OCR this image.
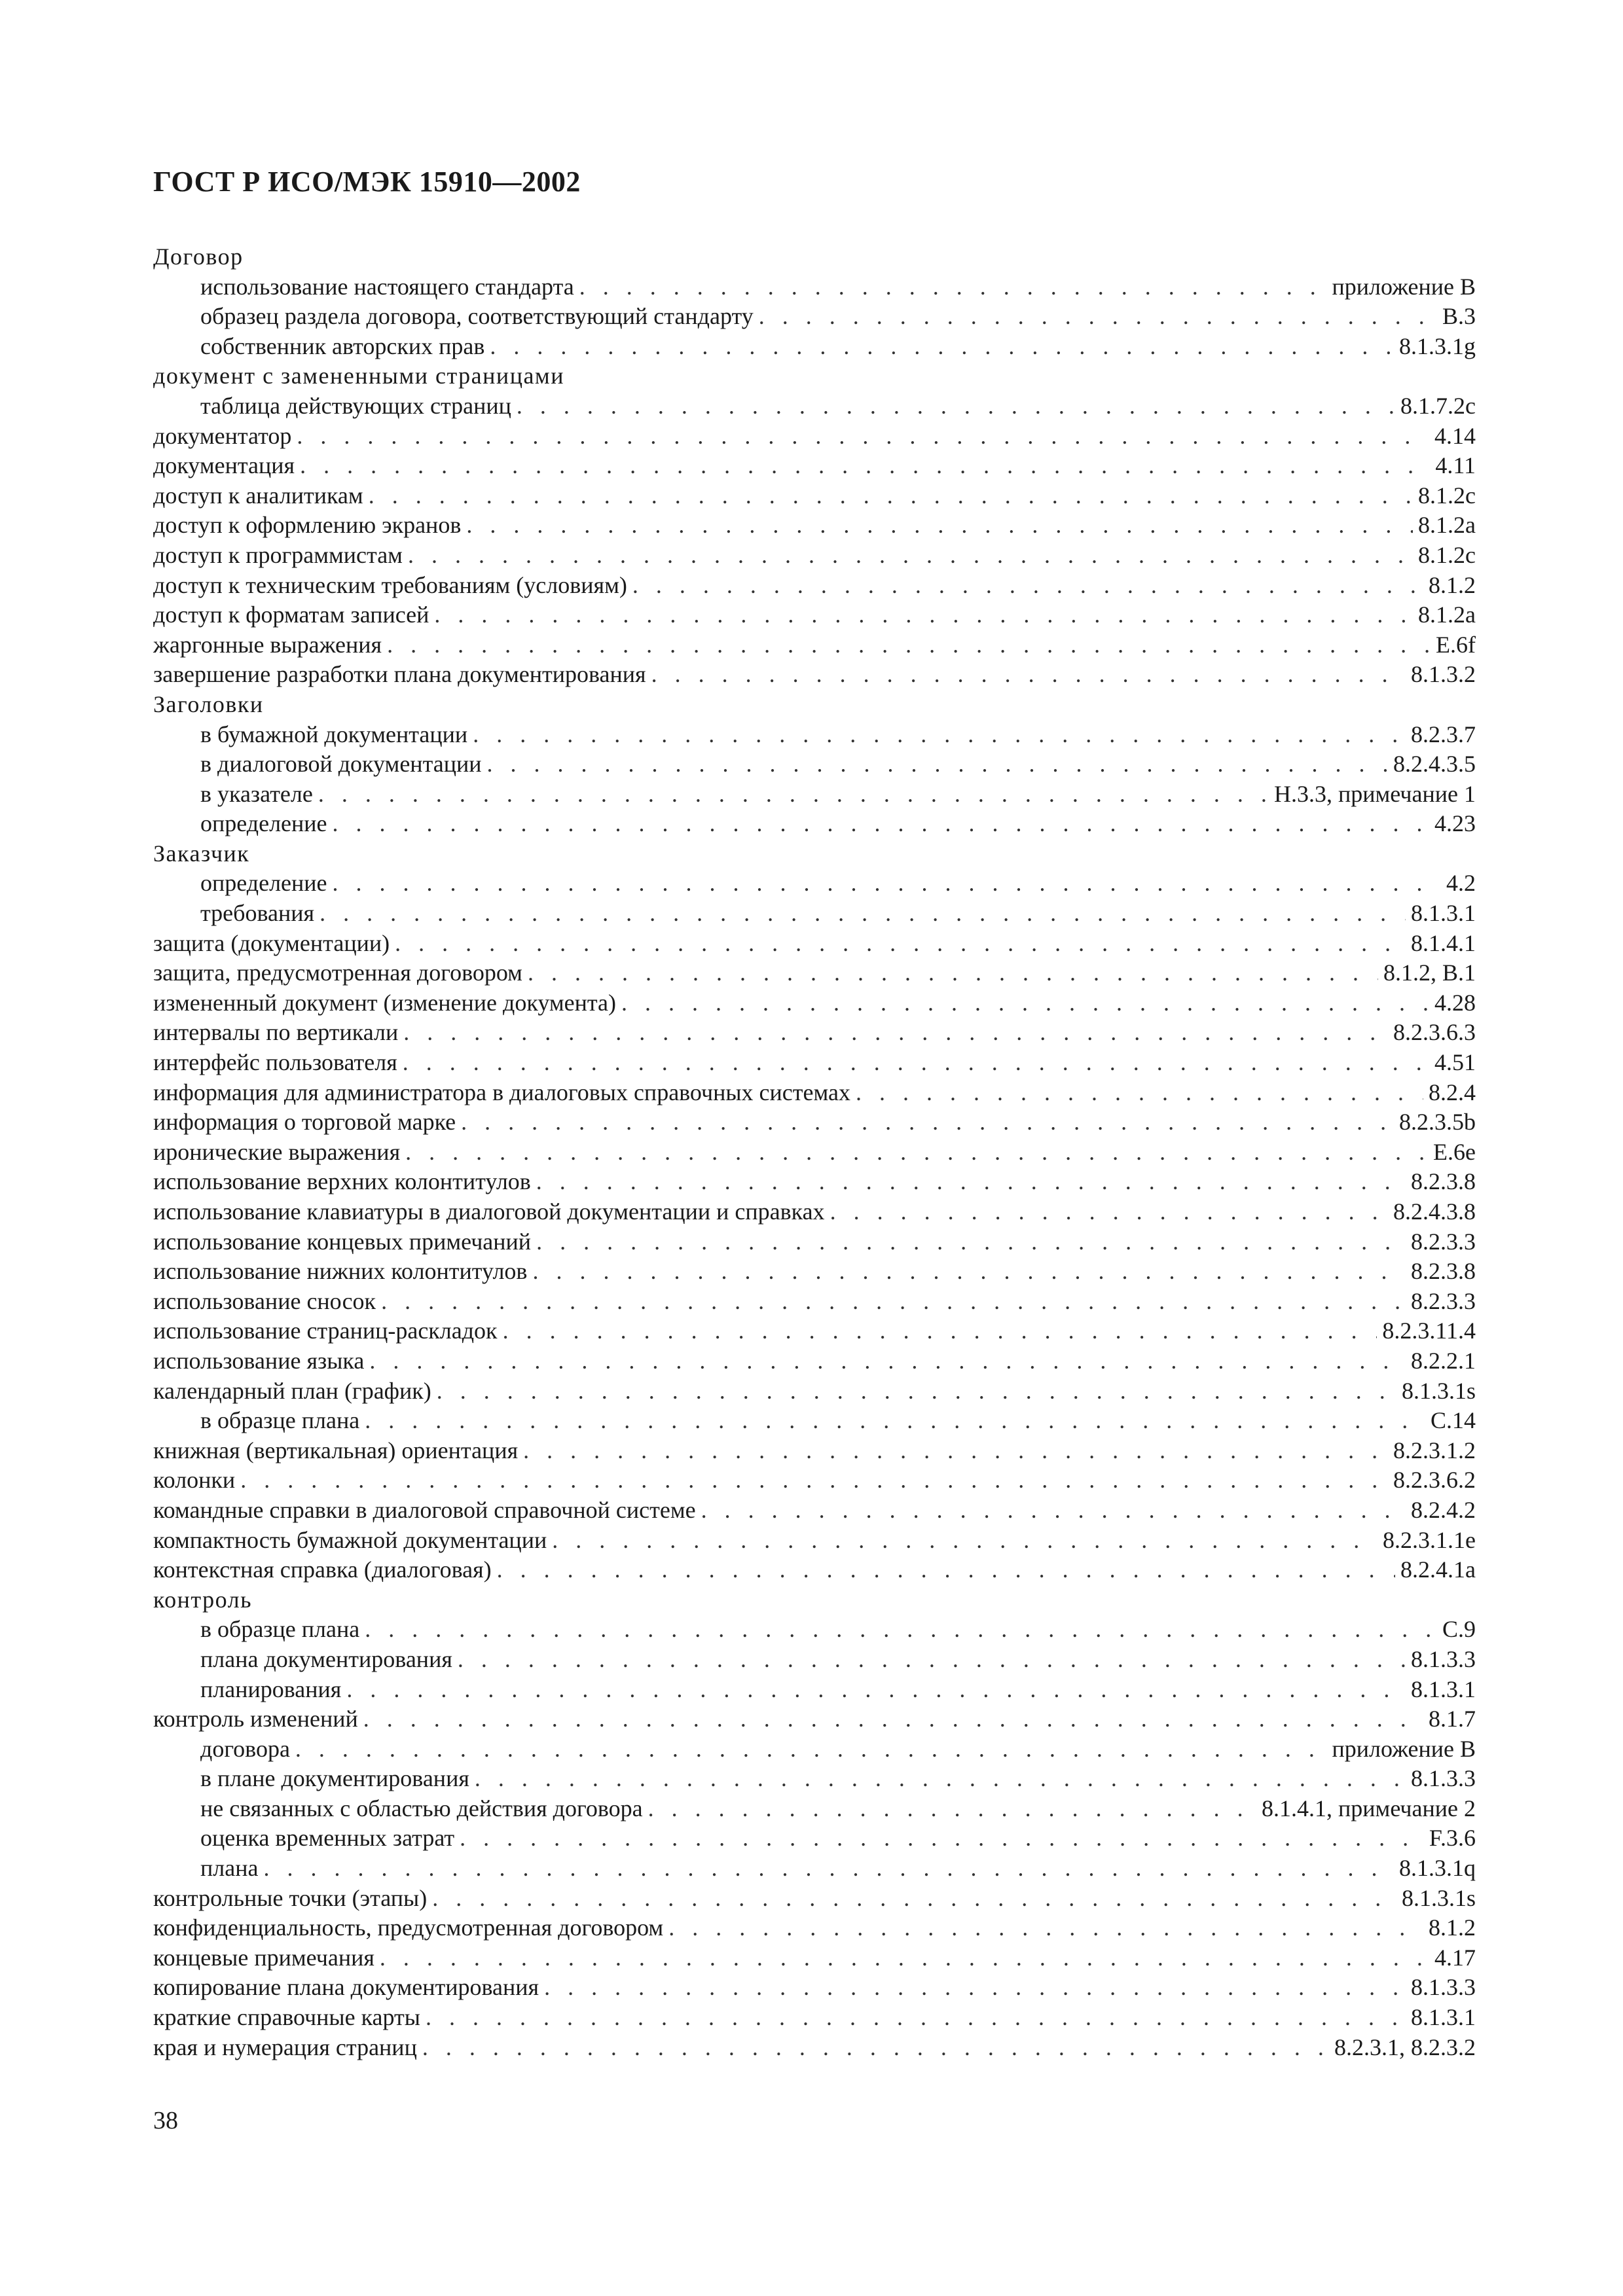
ГОСТ Р ИСО/МЭК 15910—2002
Договор
использование настоящего стандарта . . .	приложение В
образец раздела договора, соответствующий стандарту . . .	В.3
собственник авторских прав . . .	8.1.3.1g
документ с замененными страницами
таблица действующих страниц . . .	8.1.7.2c
документатор . . .	4.14
документация . . .	4.11
доступ к аналитикам . . .	8.1.2c
доступ к оформлению экранов . . .	8.1.2a
доступ к программистам . . .	8.1.2c
доступ к техническим требованиям (условиям) . . .	8.1.2
доступ к форматам записей . . .	8.1.2a
жаргонные выражения . . .	E.6f
завершение разработки плана документирования . . .	8.1.3.2
Заголовки
в бумажной документации . . .	8.2.3.7
в диалоговой документации . . .	8.2.4.3.5
в указателе . . .	Н.3.3, примечание 1
определение . . .	4.23
Заказчик
определение . . .	4.2
требования . . .	8.1.3.1
защита (документации) . . .	8.1.4.1
защита, предусмотренная договором . . .	8.1.2, В.1
измененный документ (изменение документа) . . .	4.28
интервалы по вертикали . . .	8.2.3.6.3
интерфейс пользователя . . .	4.51
информация для администратора в диалоговых справочных системах . . .	8.2.4
информация о торговой марке . . .	8.2.3.5b
иронические выражения . . .	E.6e
использование верхних колонтитулов . . .	8.2.3.8
использование клавиатуры в диалоговой документации и справках . . .	8.2.4.3.8
использование концевых примечаний . . .	8.2.3.3
использование нижних колонтитулов . . .	8.2.3.8
использование сносок . . .	8.2.3.3
использование страниц-раскладок . . .	8.2.3.11.4
использование языка . . .	8.2.2.1
календарный план (график) . . .	8.1.3.1s
в образце плана . . .	C.14
книжная (вертикальная) ориентация . . .	8.2.3.1.2
колонки . . .	8.2.3.6.2
командные справки в диалоговой справочной системе . . .	8.2.4.2
компактность бумажной документации . . .	8.2.3.1.1e
контекстная справка (диалоговая) . . .	8.2.4.1a
контроль
в образце плана . . .	C.9
плана документирования . . .	8.1.3.3
планирования . . .	8.1.3.1
контроль изменений . . .	8.1.7
договора . . .	приложение В
в плане документирования . . .	8.1.3.3
не связанных с областью действия договора . . .	8.1.4.1, примечание 2
оценка временных затрат . . .	F.3.6
плана . . .	8.1.3.1q
контрольные точки (этапы) . . .	8.1.3.1s
конфиденциальность, предусмотренная договором . . .	8.1.2
концевые примечания . . .	4.17
копирование плана документирования . . .	8.1.3.3
краткие справочные карты . . .	8.1.3.1
края и нумерация страниц . . .	8.2.3.1, 8.2.3.2
38
